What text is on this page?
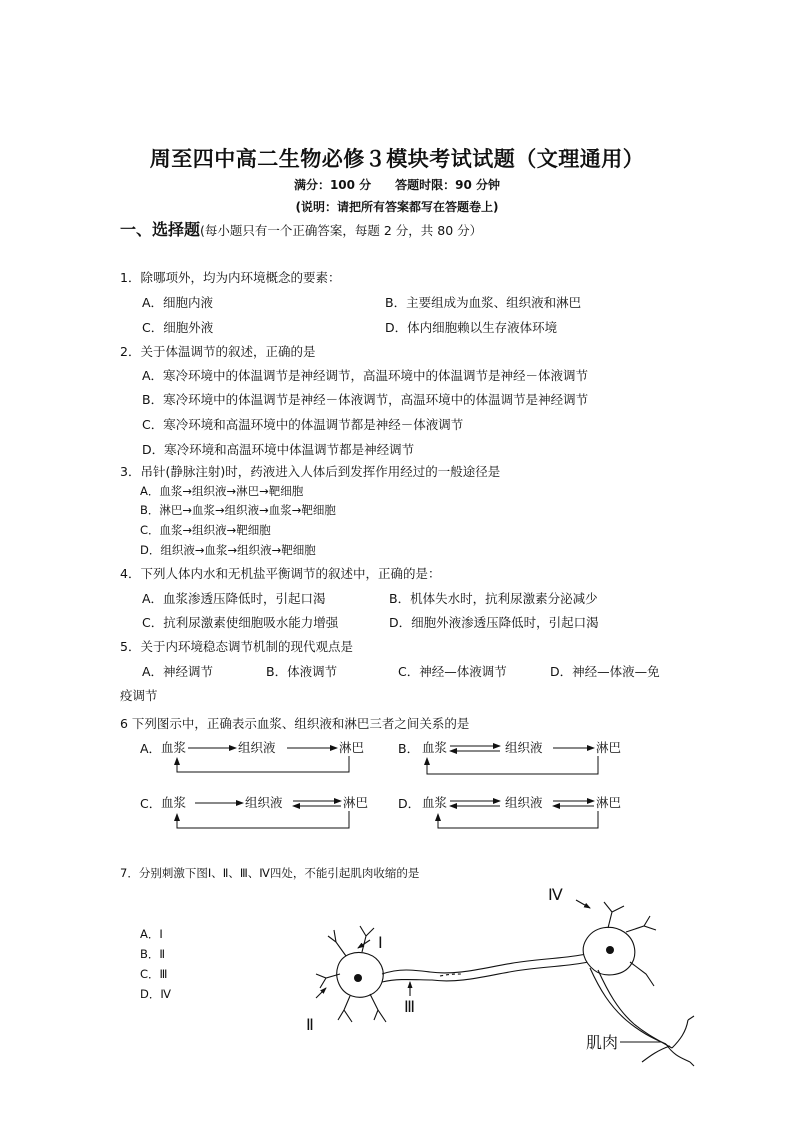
周至四中高二生物必修３模块考试试题（文理通用）
满分：100 分　　答题时限：90 分钟
(说明：请把所有答案都写在答题卷上)
一、选择题(每小题只有一个正确答案，每题 2 分，共 80 分）
1．除哪项外，均为内环境概念的要素：
A．细胞内液	B．主要组成为血浆、组织液和淋巴
C．细胞外液	D．体内细胞赖以生存液体环境
2．关于体温调节的叙述，正确的是
A．寒冷环境中的体温调节是神经调节，高温环境中的体温调节是神经－体液调节
B．寒冷环境中的体温调节是神经－体液调节，高温环境中的体温调节是神经调节
C．寒冷环境和高温环境中的体温调节都是神经－体液调节
D．寒冷环境和高温环境中体温调节都是神经调节
3．吊针(静脉注射)时，药液进入人体后到发挥作用经过的一般途径是
A．血浆→组织液→淋巴→靶细胞
B．淋巴→血浆→组织液→血浆→靶细胞
C．血浆→组织液→靶细胞
D．组织液→血浆→组织液→靶细胞
4．下列人体内水和无机盐平衡调节的叙述中，正确的是：
A．血浆渗透压降低时，引起口渴	B．机体失水时，抗利尿激素分泌减少
C．抗利尿激素使细胞吸水能力增强	D．细胞外液渗透压降低时，引起口渴
5．关于内环境稳态调节机制的现代观点是
A．神经调节	B．体液调节	C．神经—体液调节	D．神经—体液—免
疫调节
6 下列图示中，正确表示血浆、组织液和淋巴三者之间关系的是
A． 血浆	组织液	淋巴	B． 血浆	组织液	淋巴
C． 血浆	组织液	淋巴 D． 血浆	组织液	淋巴
7．分别刺激下图Ⅰ、Ⅱ、Ⅲ、Ⅳ四处，不能引起肌肉收缩的是
A．Ⅰ
B．Ⅱ
C．Ⅲ
D．Ⅳ
Ⅰ
Ⅱ
Ⅲ
Ⅳ
肌肉
